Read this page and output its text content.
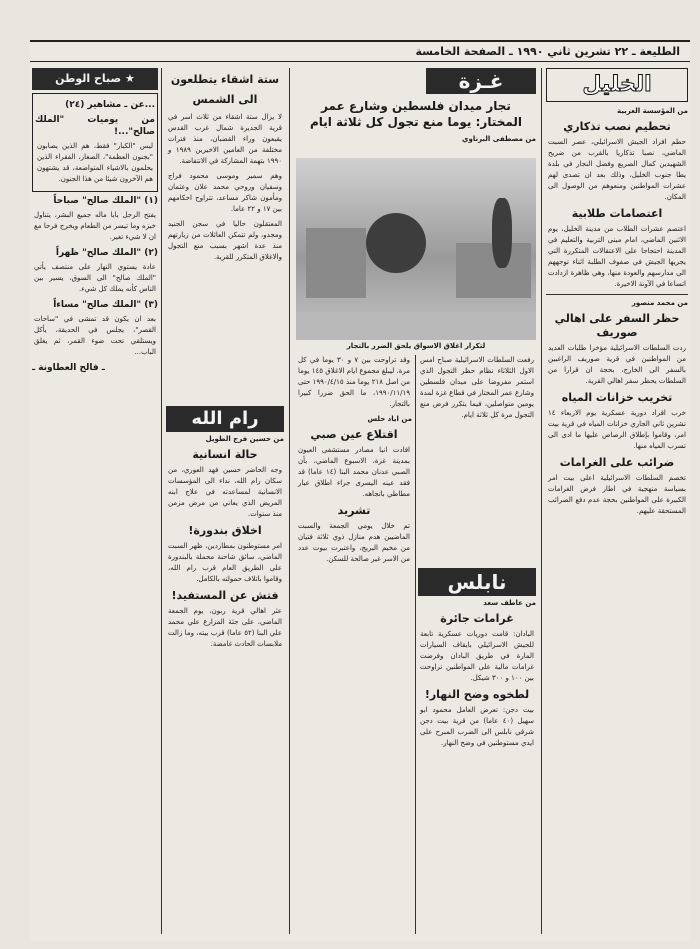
الطليعة ـ ٢٢ تشرين ثاني ١٩٩٠ ـ الصفحة الخامسة
الخليل
من المؤسسة العربية
تحطيم نصب تذكاري
حطم افراد الجيش الاسرائيلي، عصر السبت الماضي، نصبا تذكاريا بالقرب من ضريح الشهيدين كمال الصريع وفضل النجار في بلدة يطا جنوب الخليل، وذلك بعد ان تصدى لهم عشرات المواطنين ومنعوهم من الوصول الى المكان.
اعتصامات طلابية
اعتصم عشرات الطلاب من مدينة الخليل، يوم الاثنين الماضي، امام مبنى التربية والتعليم في المدينة احتجاجا على الاعتقالات المتكررة التي يجريها الجيش في صفوف الطلبة اثناء توجههم الى مدارسهم والعودة منها، وهي ظاهرة ازدادت اتساعا في الآونة الاخيرة.
من محمد منصور
حظر السفر على اهالي صوريف
ردت السلطات الاسرائيلية مؤخرا طلبات العديد من المواطنين في قرية صوريف الراغبين بالسفر الى الخارج، بحجة ان قرارا من السلطات يحظر سفر اهالي القرية.
تخريب خزانات المياه
خرب افراد دورية عسكرية يوم الاربعاء ١٤ تشرين ثاني الجاري خزانات المياه في قرية بيت امر، وقاموا بإطلاق الرصاص عليها ما ادى الى تسرب المياه منها.
ضرائب على الغرامات
تخصم السلطات الاسرائيلية اعلى بيت امر بسياسة منهجية في اطار فرض الغرامات الكبيرة على المواطنين بحجة عدم دفع الضرائب المستحقة عليهم.
غـزة
تجار ميدان فلسطين وشارع عمر المختار: يوما منع تجول كل ثلاثة ايام
من مصطفى البرناوي
لتكرار اغلاق الاسواق يلحق الضرر بالتجار
رفعت السلطات الاسرائيلية صباح امس الاول الثلاثاء نظام حظر التجول الذي استمر مفروضا على ميدان فلسطين وشارع عمر المختار في قطاع غزة لمدة يومين متواصلين، فيما يتكرر فرض منع التجول مرة كل ثلاثة ايام.
وقد تراوحت بين ٧ و ٣٠ يوما في كل مرة. ليبلغ مجموع ايام الاغلاق ١٤٥ يوما من اصل ٢١٨ يوما منذ ١٩٩٠/٤/١٥ حتى ١٩٩٠/١١/١٩، ما الحق ضررا كبيرا بالتجار.
من اياد حلس
اقتلاع عين صبي
افادت انبا مصادر مستشفى العيون بمدينة غزة، الاسبوع الماضي، بأن الصبي عدنان محمد البنا (١٤ عاما) قد فقد عينه اليسرى جراء اطلاق عيار مطاطي باتجاهه.
تشريد
تم خلال يومي الجمعة والسبت الماضيين هدم منازل ذوي ثلاثة فتيان من مخيم البريج، واعتبرت بيوت عدد من الاسر غير صالحة للسكن.
نابلس
من عاطف سعد
غرامات جائرة
البادان: قامت دوريات عسكرية تابعة للجيش الاسرائيلي بايقاف السيارات المارة في طريق البادان وفرضت غرامات مالية على المواطنين تراوحت بين ١٠٠ و ٣٠٠ شيكل.
لطخوه وضح النهار!
بيت دجن: تعرض العامل محمود ابو سهيل (٤٠ عاما) من قرية بيت دجن شرقي نابلس الى الضرب المبرح على ايدي مستوطنين في وضح النهار.
رام الله
من حسين فرج الطويل
حالة انسانية
وجه الحاضر حسين فهد العوري، من سكان رام الله، نداء الى المؤسسات الانسانية لمساعدته في علاج ابنه المريض الذي يعاني من مرض مزمن منذ سنوات.
اخلاق بندورة!
امر مستوطنون بمطاردين، ظهر السبت الماضي، سائق شاحنة محملة بالبندورة على الطريق العام قرب رام الله، وقاموا باتلاف حمولته بالكامل.
فتش عن المستفيد!
عثر اهالي قرية ربون، يوم الجمعة الماضي، على جثة المزارع علي محمد علي البنا (٥٢ عاما) قرب بيته، وما زالت ملابسات الحادث غامضة.
ستة اشقاء يتطلعون
الى الشمس
لا يزال ستة اشقاء من ثلاث اسر في قرية الجديرة شمال غرب القدس يقبعون وراء القضبان، منذ فترات مختلفة من العامين الاخيرين ١٩٨٩ و ١٩٩٠ بتهمة المشاركة في الانتفاضة.
وهم سمير وموسى محمود فراج وسفيان وروحي محمد علان وعثمان ومأمون شاكر مساعد، تتراوح احكامهم بين ١٧ و ٢٢ عاما.
المعتقلون حاليا في سجن الجنيد ومجدو، ولم تتمكن العائلات من زيارتهم منذ عدة اشهر بسبب منع التجول والاغلاق المتكرر للقرية.
★ صباح الوطن
...عن ـ مشاهير (٢٤)
من يوميات "الملك صالح"...!
ليس "الكبار" فقط، هم الذين يصابون "بجنون العظمة"، الصغار، الفقراء الذين يحلمون بالاشياء المتواضعة، قد يشتهون هم الآخرون شيئا من هذا الجنون.
(١) "الملك صالح" صباحاً
يفتح الرجل بابا ماله جميع البشر، يتناول خبزه وما تيسر من الطعام ويخرج فرحا مع ان لا شيء تغير.
(٢) "الملك صالح" ظهراً
عادة يستوي النهار على منتصف يأتي "الملك صالح" الى السوق، يسير بين الناس كأنه يملك كل شيء.
(٣) "الملك صالح" مساءاً
بعد ان يكون قد تمشى في "ساحات القصر"، يجلس في الحديقة، يأكل ويستلقي تحت ضوء القمر، ثم يغلق الباب...
ـ فالح العطاونة ـ
